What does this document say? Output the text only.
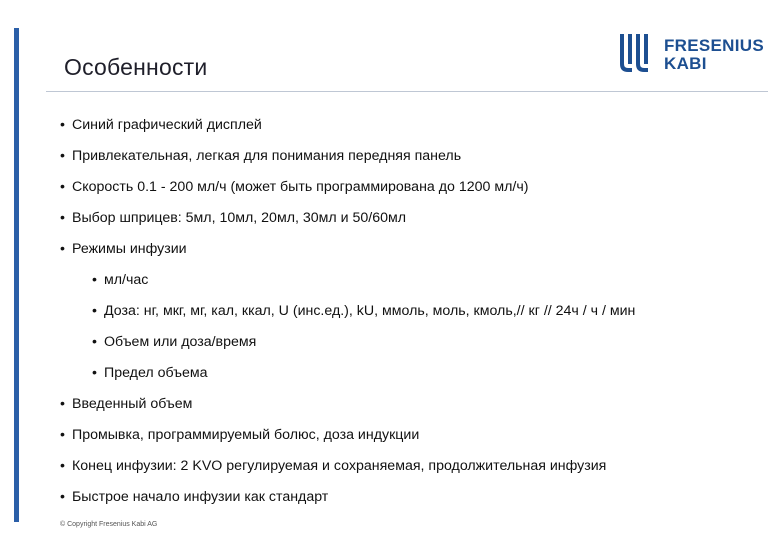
Особенности
FRESENIUS
KABI
• Синий графический дисплей
• Привлекательная, легкая для понимания передняя панель
• Скорость 0.1 - 200 мл/ч (может быть программирована до 1200 мл/ч)
• Выбор шприцев: 5мл, 10мл, 20мл, 30мл и 50/60мл
• Режимы инфузии
• мл/час
• Доза: нг, мкг, мг, кал, ккал, U (инс.ед.), kU, ммоль, моль, кмоль,// кг // 24ч / ч / мин
• Объем или доза/время
• Предел объема
• Введенный объем
• Промывка, программируемый болюс, доза индукции
• Конец инфузии: 2 KVO регулируемая и сохраняемая, продолжительная инфузия
• Быстрое начало инфузии как стандарт
© Copyright Fresenius Kabi AG
